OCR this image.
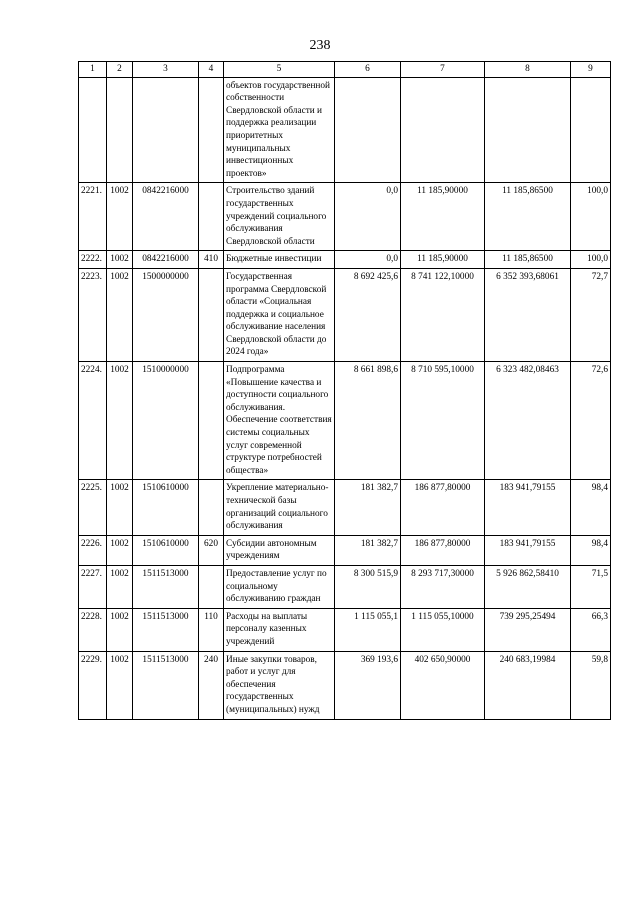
238
1	2	3	4	5	6	7	8	9
				объектов государственной собственности Свердловской области и поддержка реализации приоритетных муниципальных инвестиционных проектов»				
2221.	1002	0842216000		Строительство зданий государственных учреждений социального обслуживания Свердловской области	0,0	11 185,90000	11 185,86500	100,0
2222.	1002	0842216000	410	Бюджетные инвестиции	0,0	11 185,90000	11 185,86500	100,0
2223.	1002	1500000000		Государственная программа Свердловской области «Социальная поддержка и социальное обслуживание населения Свердловской области до 2024 года»	8 692 425,6	8 741 122,10000	6 352 393,68061	72,7
2224.	1002	1510000000		Подпрограмма «Повышение качества и доступности социального обслуживания. Обеспечение соответствия системы социальных услуг современной структуре потребностей общества»	8 661 898,6	8 710 595,10000	6 323 482,08463	72,6
2225.	1002	1510610000		Укрепление материально-технической базы организаций социального обслуживания	181 382,7	186 877,80000	183 941,79155	98,4
2226.	1002	1510610000	620	Субсидии автономным учреждениям	181 382,7	186 877,80000	183 941,79155	98,4
2227.	1002	1511513000		Предоставление услуг по социальному обслуживанию граждан	8 300 515,9	8 293 717,30000	5 926 862,58410	71,5
2228.	1002	1511513000	110	Расходы на выплаты персоналу казенных учреждений	1 115 055,1	1 115 055,10000	739 295,25494	66,3
2229.	1002	1511513000	240	Иные закупки товаров, работ и услуг для обеспечения государственных (муниципальных) нужд	369 193,6	402 650,90000	240 683,19984	59,8
